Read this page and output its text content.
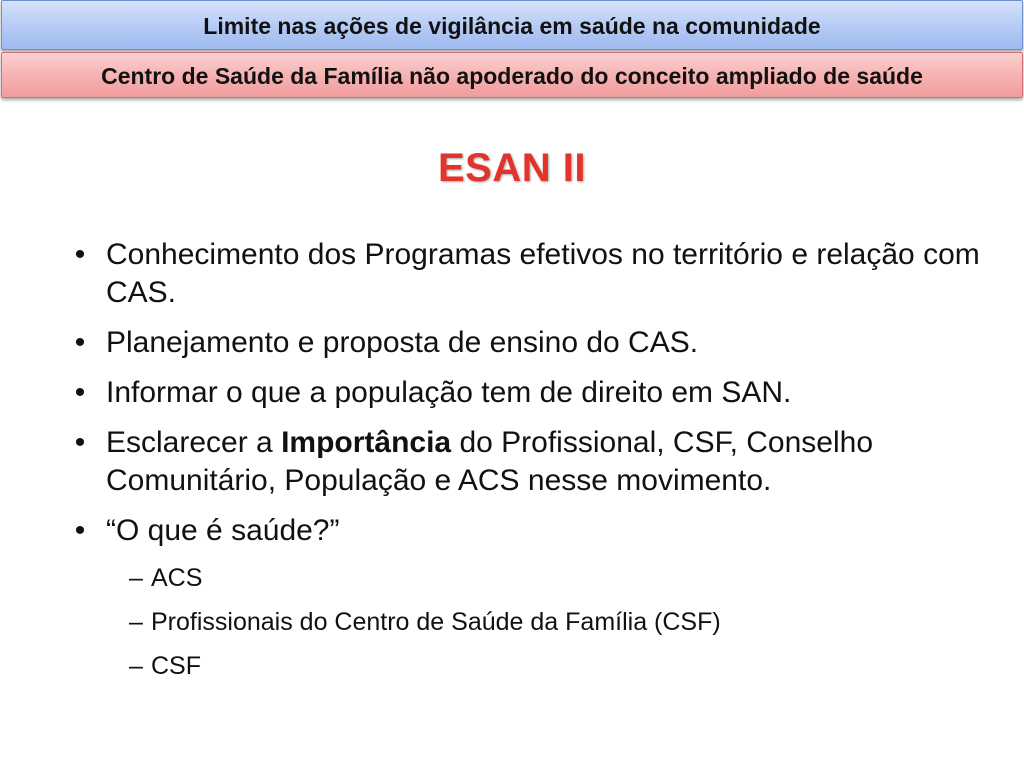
Limite nas ações de vigilância em saúde na comunidade
Centro de Saúde da Família não apoderado do conceito ampliado de saúde
ESAN II
• Conhecimento dos Programas efetivos no território e relação com CAS.
• Planejamento e proposta de ensino do CAS.
• Informar o que a população tem de direito em SAN.
• Esclarecer a Importância do Profissional, CSF, Conselho Comunitário, População e ACS nesse movimento.
• “O que é saúde?”
– ACS
– Profissionais do Centro de Saúde da Família (CSF)
– CSF
